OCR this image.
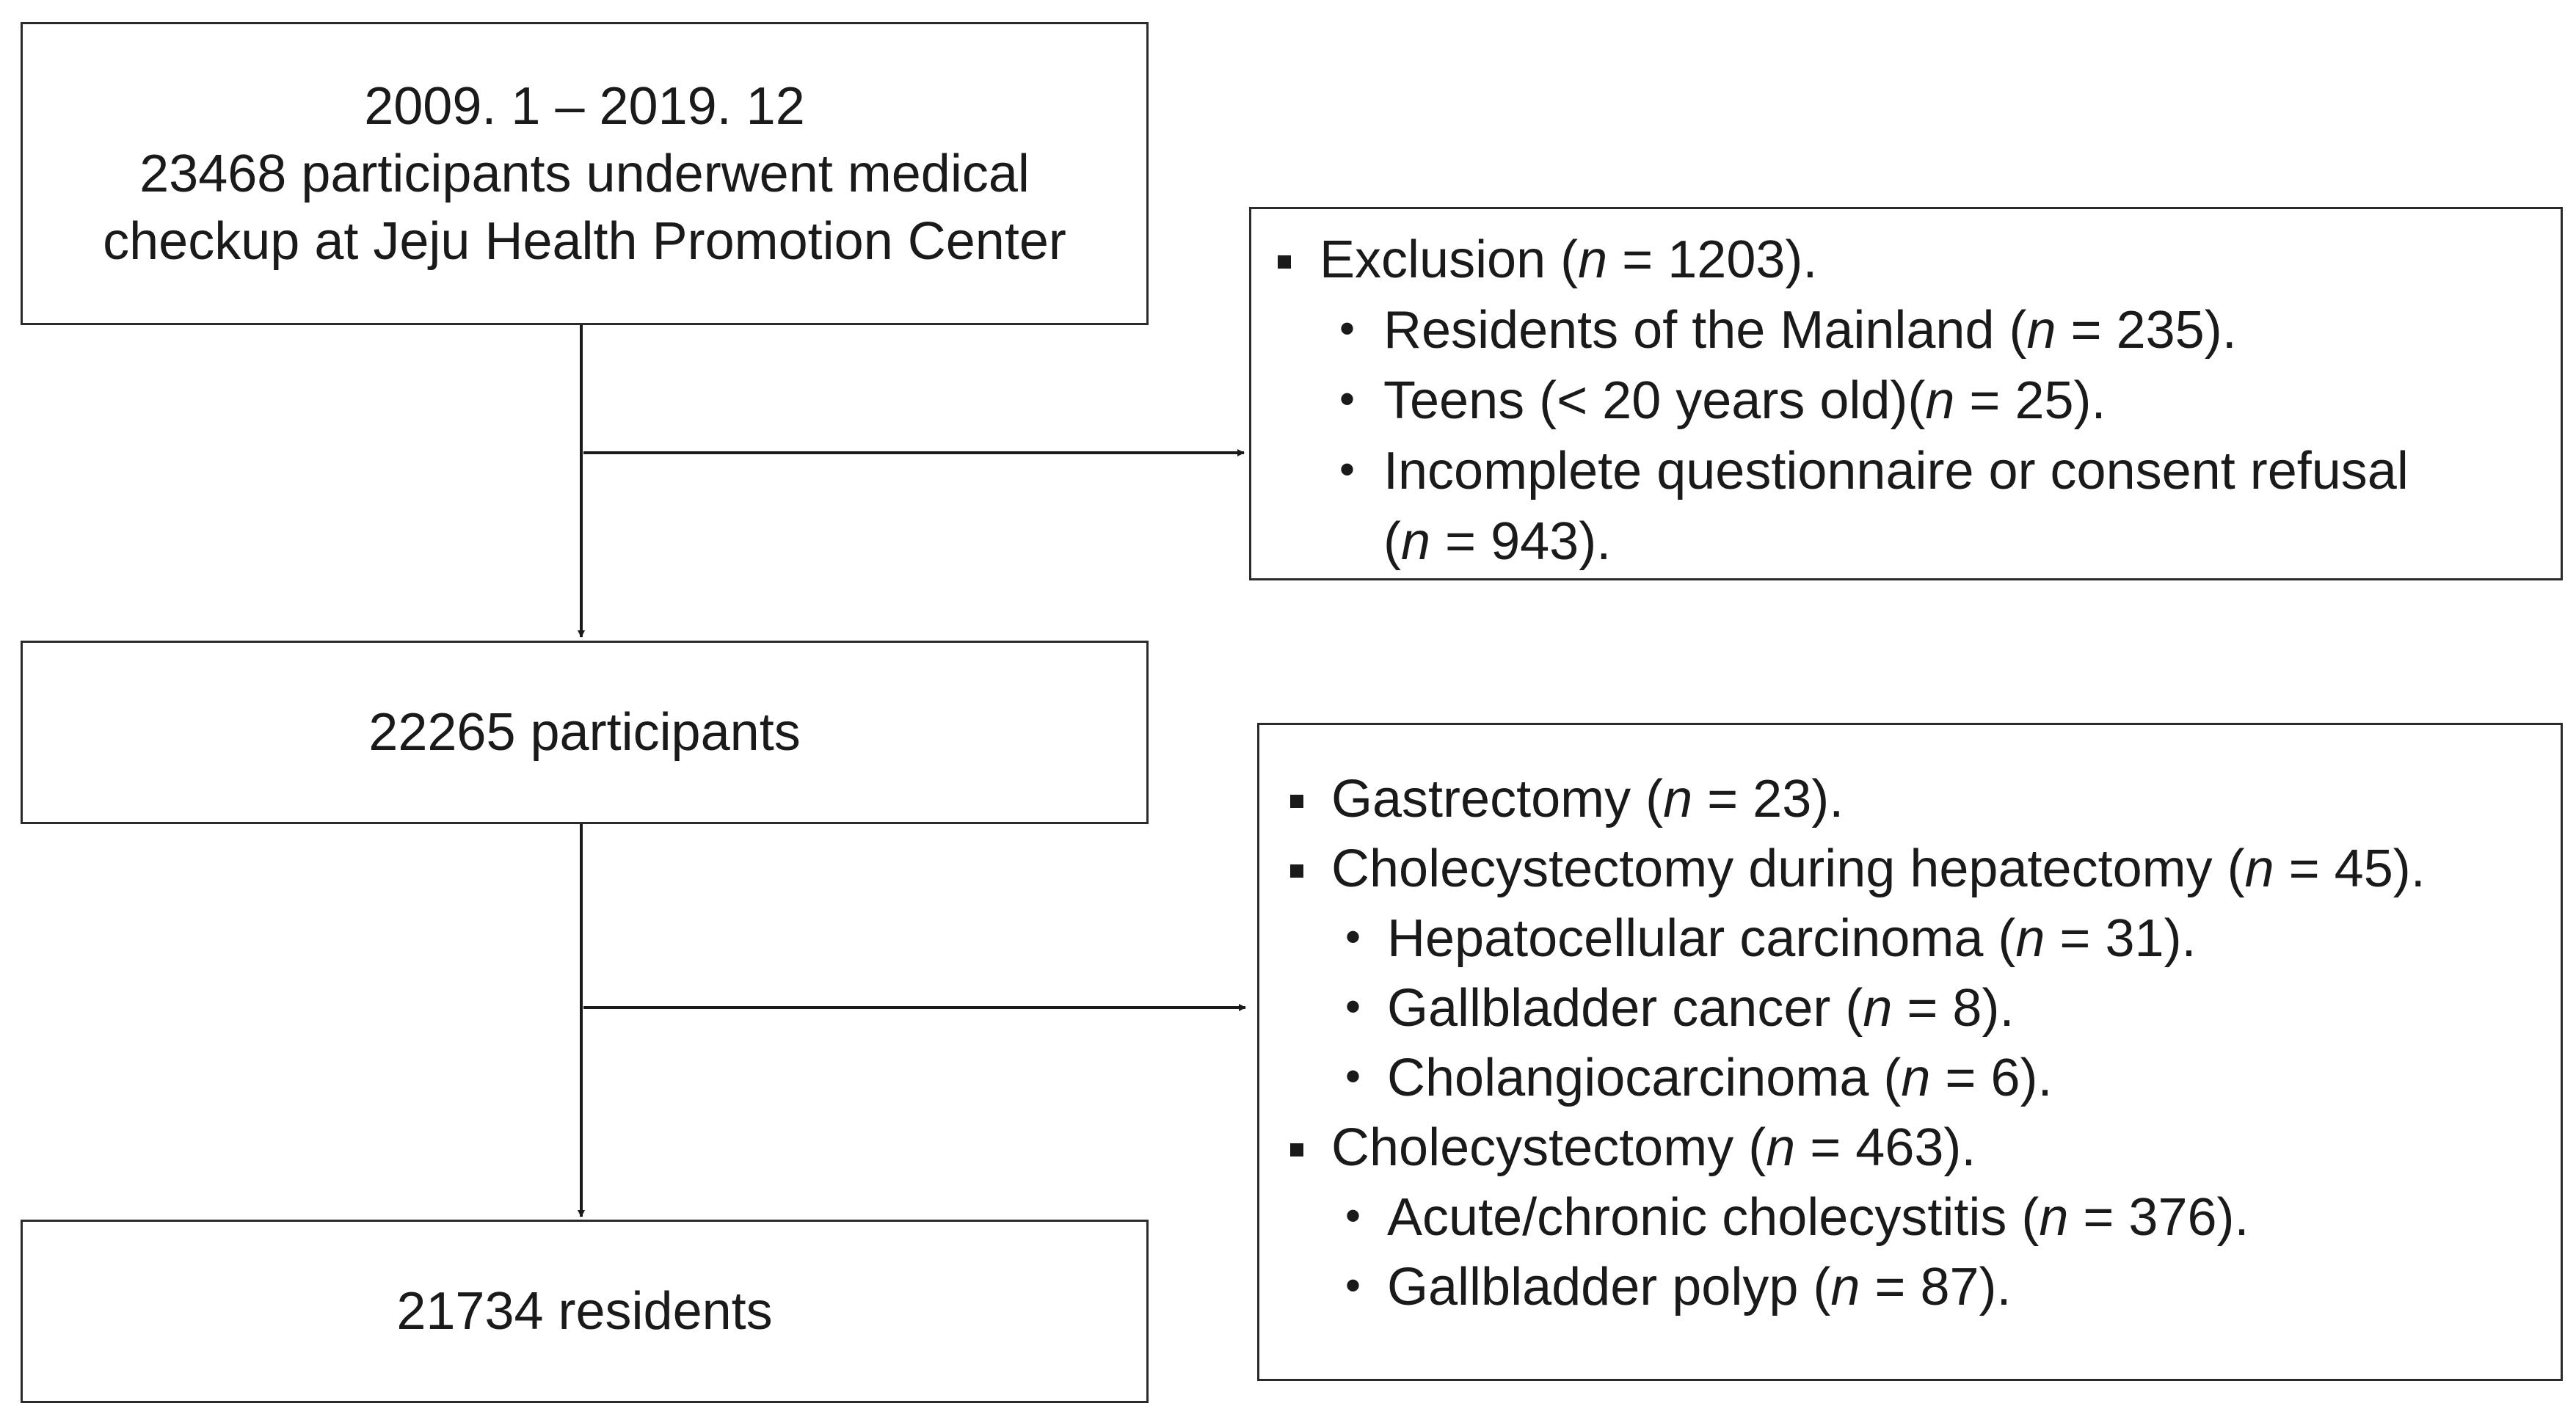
2009. 1 – 2019. 12
23468 participants underwent medical
checkup at Jeju Health Promotion Center
22265 participants
21734 residents
Exclusion (n = 1203).
• Residents of the Mainland (n = 235).
• Teens (< 20 years old)(n = 25).
• Incomplete questionnaire or consent refusal
(n = 943).
Gastrectomy (n = 23).
Cholecystectomy during hepatectomy (n = 45).
• Hepatocellular carcinoma (n = 31).
• Gallbladder cancer (n = 8).
• Cholangiocarcinoma (n = 6).
Cholecystectomy (n = 463).
• Acute/chronic cholecystitis (n = 376).
• Gallbladder polyp (n = 87).
